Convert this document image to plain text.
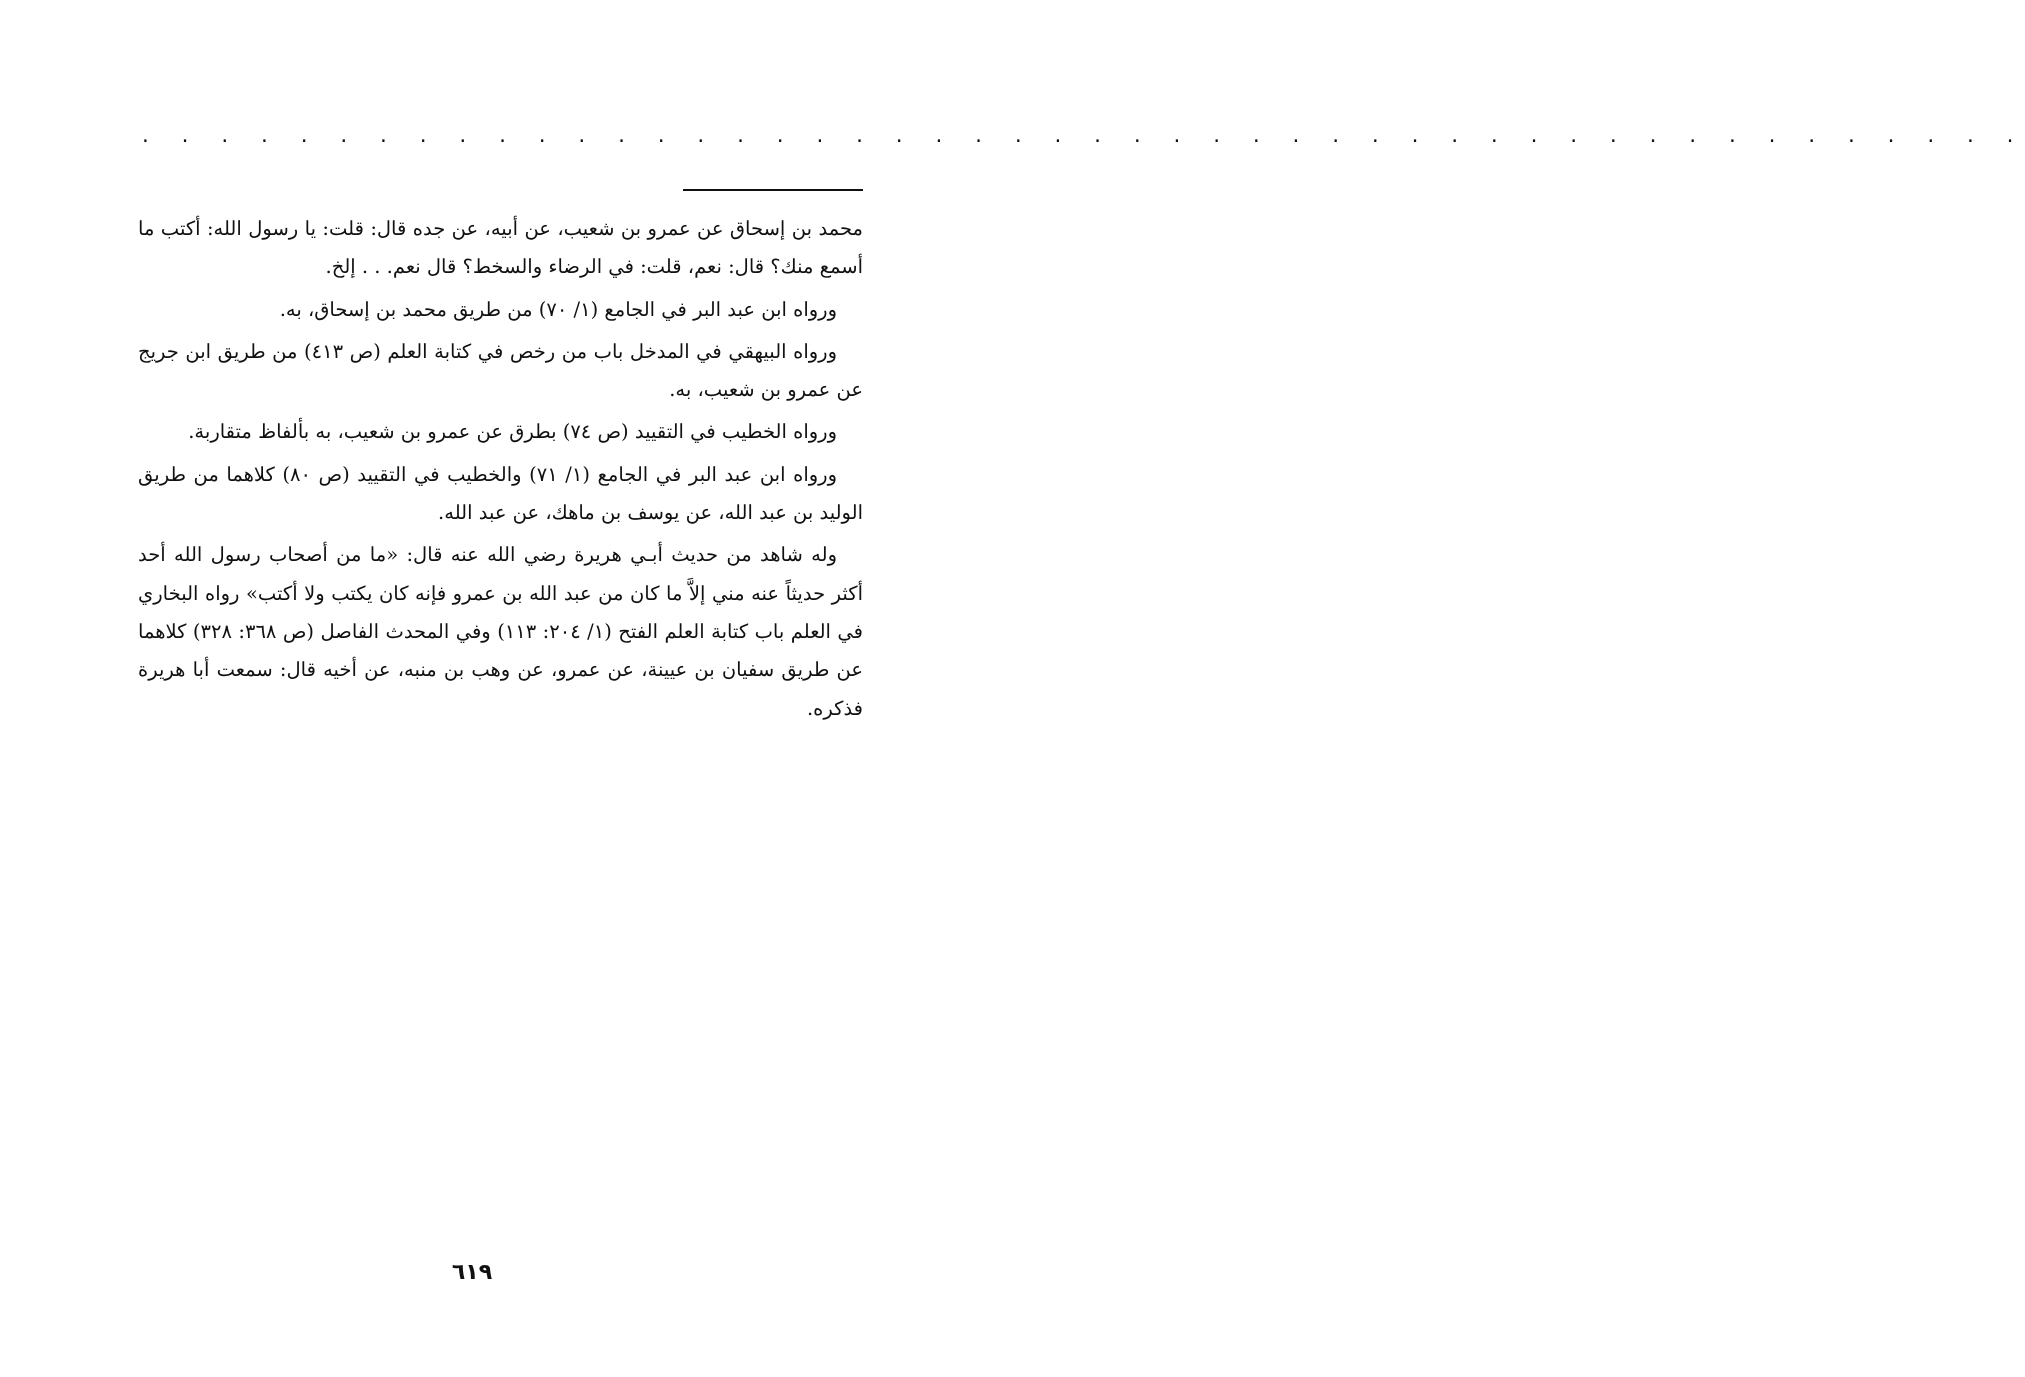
. . . . . . . . . . . . . . . . . . . . . . . . . . . . . . . . . . . . . . . . . . . . . . . .

محمد بن إسحاق عن عمرو بن شعيب، عن أبيه، عن جده قال: قلت: يا رسول الله: أكتب ما أسمع منك؟ قال: نعم، قلت: في الرضاء والسخط؟ قال نعم. . . إلخ.

ورواه ابن عبد البر في الجامع (١/ ٧٠) من طريق محمد بن إسحاق، به.

ورواه البيهقي في المدخل باب من رخص في كتابة العلم (ص ٤١٣) من طريق ابن جريج عن عمرو بن شعيب، به.

ورواه الخطيب في التقييد (ص ٧٤) بطرق عن عمرو بن شعيب، به بألفاظ متقاربة.

ورواه ابن عبد البر في الجامع (١/ ٧١) والخطيب في التقييد (ص ٨٠) كلاهما من طريق الوليد بن عبد الله، عن يوسف بن ماهك، عن عبد الله.

وله شاهد من حديث أبـي هريرة رضي الله عنه قال: «ما من أصحاب رسول الله أحد أكثر حديثاً عنه مني إلاَّ ما كان من عبد الله بن عمرو فإنه كان يكتب ولا أكتب» رواه البخاري في العلم باب كتابة العلم الفتح (١/ ٢٠٤: ١١٣) وفي المحدث الفاصل (ص ٣٦٨: ٣٢٨) كلاهما عن طريق سفيان بن عيينة، عن عمرو، عن وهب بن منبه، عن أخيه قال: سمعت أبا هريرة فذكره.

٦١٩
